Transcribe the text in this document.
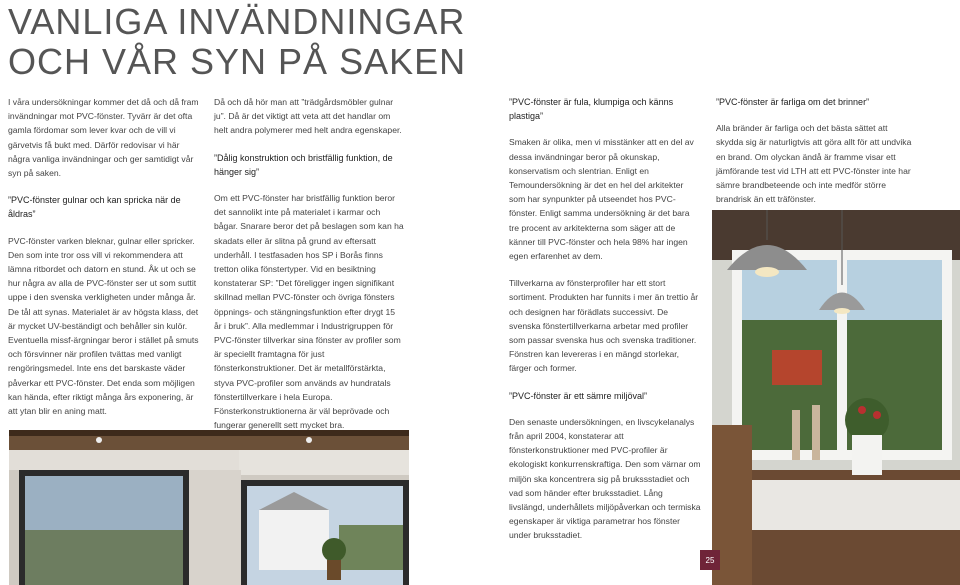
VANLIGA INVÄNDNINGAR
OCH VÅR SYN PÅ SAKEN

I våra undersökningar kommer det då och då fram invändningar mot PVC-fönster. Tyvärr är det ofta gamla fördomar som lever kvar och de vill vi gärvetvis få bukt med. Därför redovisar vi här några vanliga invändningar och ger samtidigt vår syn på saken.

”PVC-fönster gulnar och kan spricka när de åldras”

PVC-fönster varken bleknar, gulnar eller spricker. Den som inte tror oss vill vi rekommendera att lämna ritbordet och datorn en stund. Åk ut och se hur några av alla de PVC-fönster ser ut som suttit uppe i den svenska verkligheten under många år. De tål att synas. Materialet är av högsta klass, det är mycket UV-beständigt och behåller sin kulör. Eventuella missf-ärgningar beror i stället på smuts och försvinner när profilen tvättas med vanligt rengöringsmedel. Inte ens det barskaste väder påverkar ett PVC-fönster. Det enda som möjligen kan hända, efter riktigt många års exponering, är att ytan blir en aning matt.

Då och då hör man att ”trädgårdsmöbler gulnar ju”. Då är det viktigt att veta att det handlar om helt andra polymerer med helt andra egenskaper.

”Dålig konstruktion och bristfällig funktion, de hänger sig”

Om ett PVC-fönster har bristfällig funktion beror det sannolikt inte på materialet i karmar och bågar. Snarare beror det på beslagen som kan ha skadats eller är slitna på grund av eftersatt underhåll. I testfasaden hos SP i Borås finns tretton olika fönstertyper. Vid en besiktning konstaterar SP: ”Det föreligger ingen signifikant skillnad mellan PVC-fönster och övriga fönsters öppnings- och stängningsfunktion efter drygt 15 år i bruk”. Alla medlemmar i Industrigruppen för PVC-fönster tillverkar sina fönster av profiler som är speciellt framtagna för just fönsterkonstruktioner. Det är metallförstärkta, styva PVC-profiler som används av hundratals fönstertillverkare i hela Europa. Fönsterkonstruktionerna är väl beprövade och fungerar generellt sett mycket bra.

”PVC-fönster är fula, klumpiga och känns plastiga”

Smaken är olika, men vi misstänker att en del av dessa invändningar beror på okunskap, konservatism och slentrian. Enligt en Temoundersökning är det en hel del arkitekter som har synpunkter på utseendet hos PVC-fönster. Enligt samma undersökning är det bara tre procent av arkitekterna som säger att de känner till PVC-fönster och hela 98% har ingen egen erfarenhet av dem.

Tillverkarna av fönsterprofiler har ett stort sortiment. Produkten har funnits i mer än trettio år och designen har förädlats successivt. De svenska fönstertillverkarna arbetar med profiler som passar svenska hus och svenska traditioner. Fönstren kan levereras i en mängd storlekar, färger och former.

”PVC-fönster är ett sämre miljöval”

Den senaste undersökningen, en livscykelanalys från april 2004, konstaterar att fönsterkonstruktioner med PVC-profiler är ekologiskt konkurrenskraftiga. Den som värnar om miljön ska koncentrera sig på brukssstadiet och vad som händer efter bruksstadiet. Lång livslängd, underhållets miljöpåverkan och termiska egenskaper är viktiga parametrar hos fönster under bruksstadiet.

”PVC-fönster är farliga om det brinner”

Alla bränder är farliga och det bästa sättet att skydda sig är naturligtvis att göra allt för att undvika en brand. Om olyckan ändå är framme visar ett jämförande test vid LTH att ett PVC-fönster inte har sämre brandbeteende och inte medför större brandrisk än ett träfönster.

25
